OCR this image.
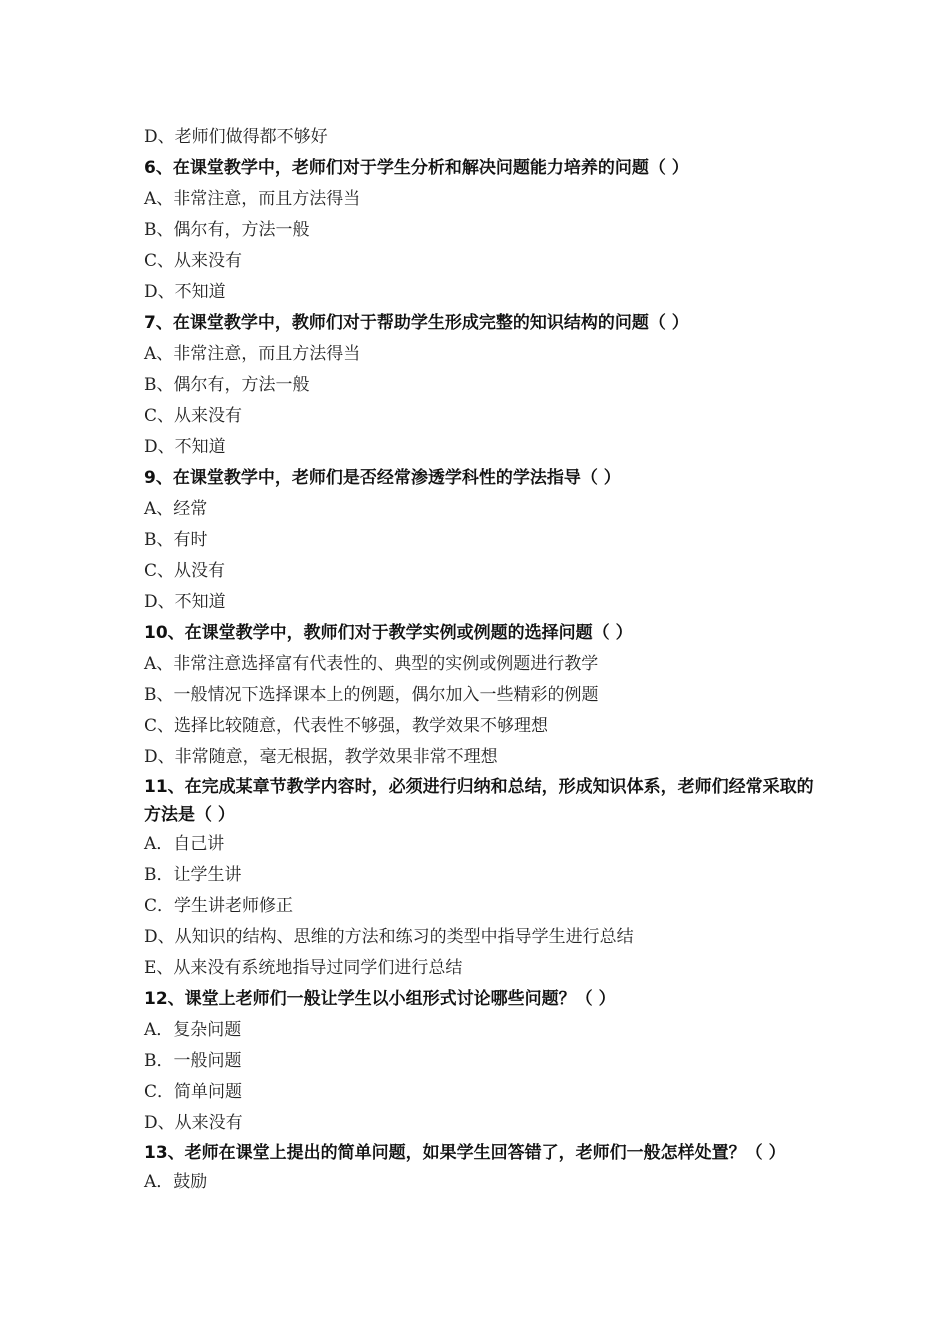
D、老师们做得都不够好
6、在课堂教学中，老师们对于学生分析和解决问题能力培养的问题（ ）
A、非常注意，而且方法得当
B、偶尔有，方法一般
C、从来没有
D、不知道
7、在课堂教学中，教师们对于帮助学生形成完整的知识结构的问题（ ）
A、非常注意，而且方法得当
B、偶尔有，方法一般
C、从来没有
D、不知道
9、在课堂教学中，老师们是否经常渗透学科性的学法指导（ ）
A、经常
B、有时
C、从没有
D、不知道
10、在课堂教学中，教师们对于教学实例或例题的选择问题（ ）
A、非常注意选择富有代表性的、典型的实例或例题进行教学
B、一般情况下选择课本上的例题，偶尔加入一些精彩的例题
C、选择比较随意，代表性不够强，教学效果不够理想
D、非常随意，毫无根据，教学效果非常不理想
11、在完成某章节教学内容时，必须进行归纳和总结，形成知识体系，老师们经常采取的方法是（ ）
A．自己讲
B．让学生讲
C．学生讲老师修正
D、从知识的结构、思维的方法和练习的类型中指导学生进行总结
E、从来没有系统地指导过同学们进行总结
12、课堂上老师们一般让学生以小组形式讨论哪些问题？（ ）
A．复杂问题
B．一般问题
C．简单问题
D、从来没有
13、老师在课堂上提出的简单问题，如果学生回答错了，老师们一般怎样处置？（ ）
A．鼓励
